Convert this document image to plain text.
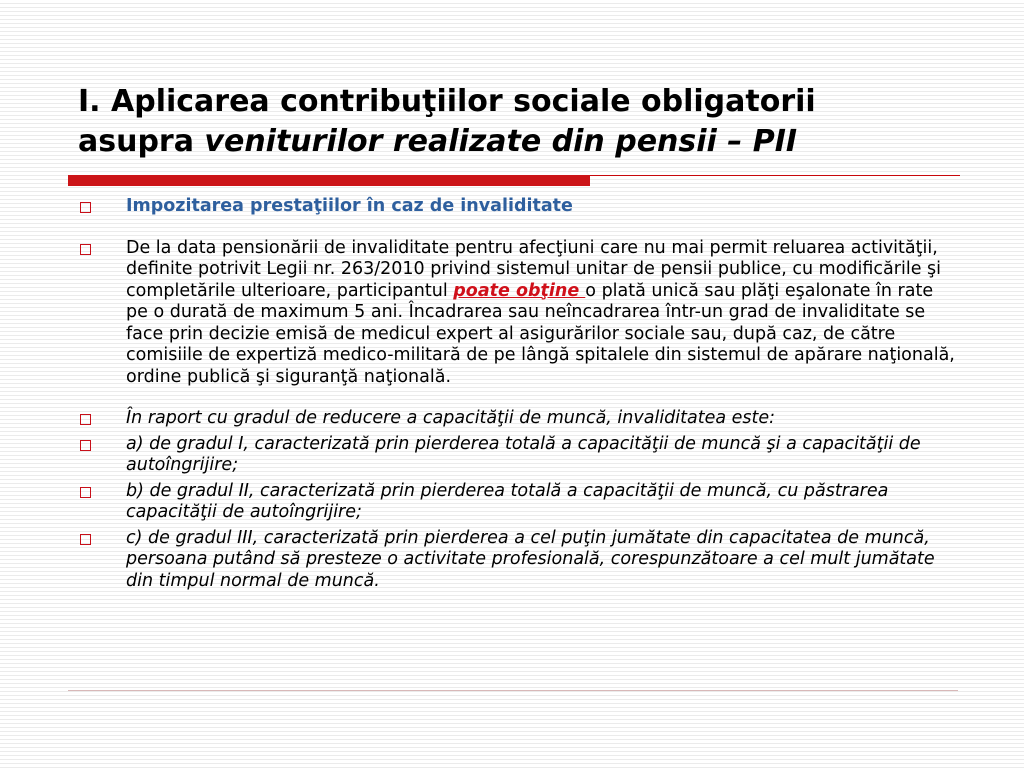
I. Aplicarea contribuţiilor sociale obligatorii
asupra veniturilor realizate din pensii – PII
Impozitarea prestaţiilor în caz de invaliditate
De la data pensionării de invaliditate pentru afecţiuni care nu mai permit reluarea activităţii, definite potrivit Legii nr. 263/2010 privind sistemul unitar de pensii publice, cu modificările şi completările ulterioare, participantul poate obţine o plată unică sau plăţi eşalonate în rate pe o durată de maximum 5 ani. Încadrarea sau neîncadrarea într-un grad de invaliditate se face prin decizie emisă de medicul expert al asigurărilor sociale sau, după caz, de către comisiile de expertiză medico-militară de pe lângă spitalele din sistemul de apărare naţională, ordine publică şi siguranţă naţională.
În raport cu gradul de reducere a capacităţii de muncă, invaliditatea este:
a) de gradul I, caracterizată prin pierderea totală a capacităţii de muncă şi a capacităţii de autoîngrijire;
b) de gradul II, caracterizată prin pierderea totală a capacităţii de muncă, cu păstrarea capacităţii de autoîngrijire;
c) de gradul III, caracterizată prin pierderea a cel puţin jumătate din capacitatea de muncă, persoana putând să presteze o activitate profesională, corespunzătoare a cel mult jumătate din timpul normal de muncă.
